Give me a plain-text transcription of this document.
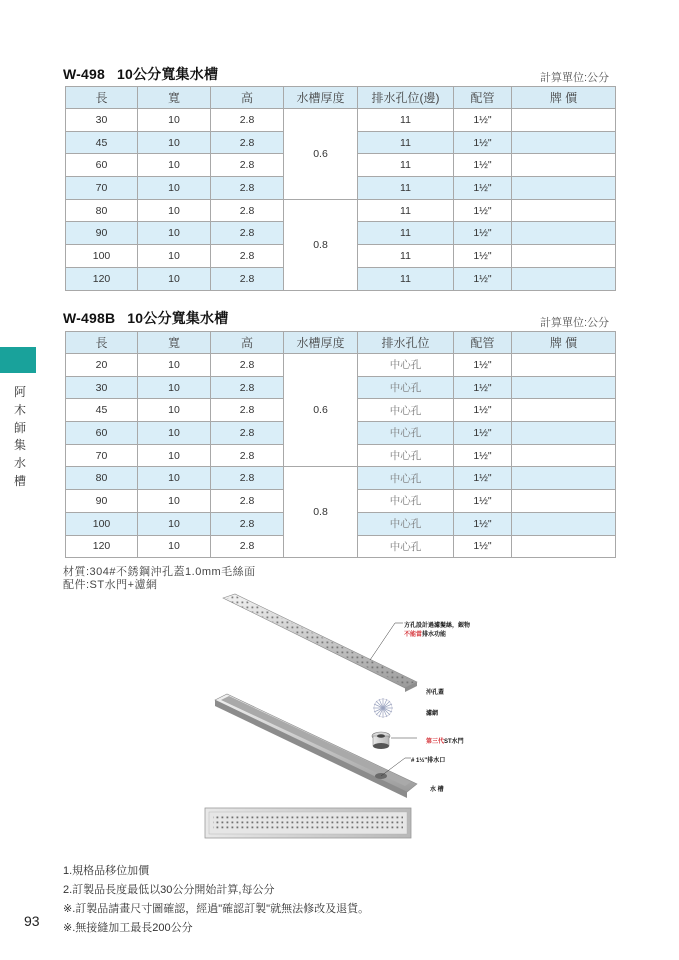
W-498 10公分寬集水槽	計算單位:公分
長	寬	高	水槽厚度	排水孔位(邊)	配管	牌 價
30	10	2.8	0.6	11	1½"	
45	10	2.8		11	1½"	
60	10	2.8		11	1½"	
70	10	2.8		11	1½"	
80	10	2.8	0.8	11	1½"	
90	10	2.8		11	1½"	
100	10	2.8		11	1½"	
120	10	2.8		11	1½"	
W-498B 10公分寬集水槽	計算單位:公分
長	寬	高	水槽厚度	排水孔位	配管	牌 價
20	10	2.8	0.6	中心孔	1½"	
30	10	2.8		中心孔	1½"	
45	10	2.8		中心孔	1½"	
60	10	2.8		中心孔	1½"	
70	10	2.8		中心孔	1½"	
80	10	2.8	0.8	中心孔	1½"	
90	10	2.8		中心孔	1½"	
100	10	2.8		中心孔	1½"	
120	10	2.8		中心孔	1½"	
阿
木
師
集
水
槽
材質:304#不銹鋼沖孔蓋1.0mm毛絲面
配件:ST水門+濾網
方孔設計過濾髮絲，銀物
不能當排水功能
沖孔蓋
濾網
第三代ST水門
# 1½"排水口
水 槽
1.規格品移位加價
2.訂製品長度最低以30公分開始計算,每公分
※.訂製品請畫尺寸圖確認，經過"確認訂製"就無法修改及退貨。
※.無接縫加工最長200公分
93
